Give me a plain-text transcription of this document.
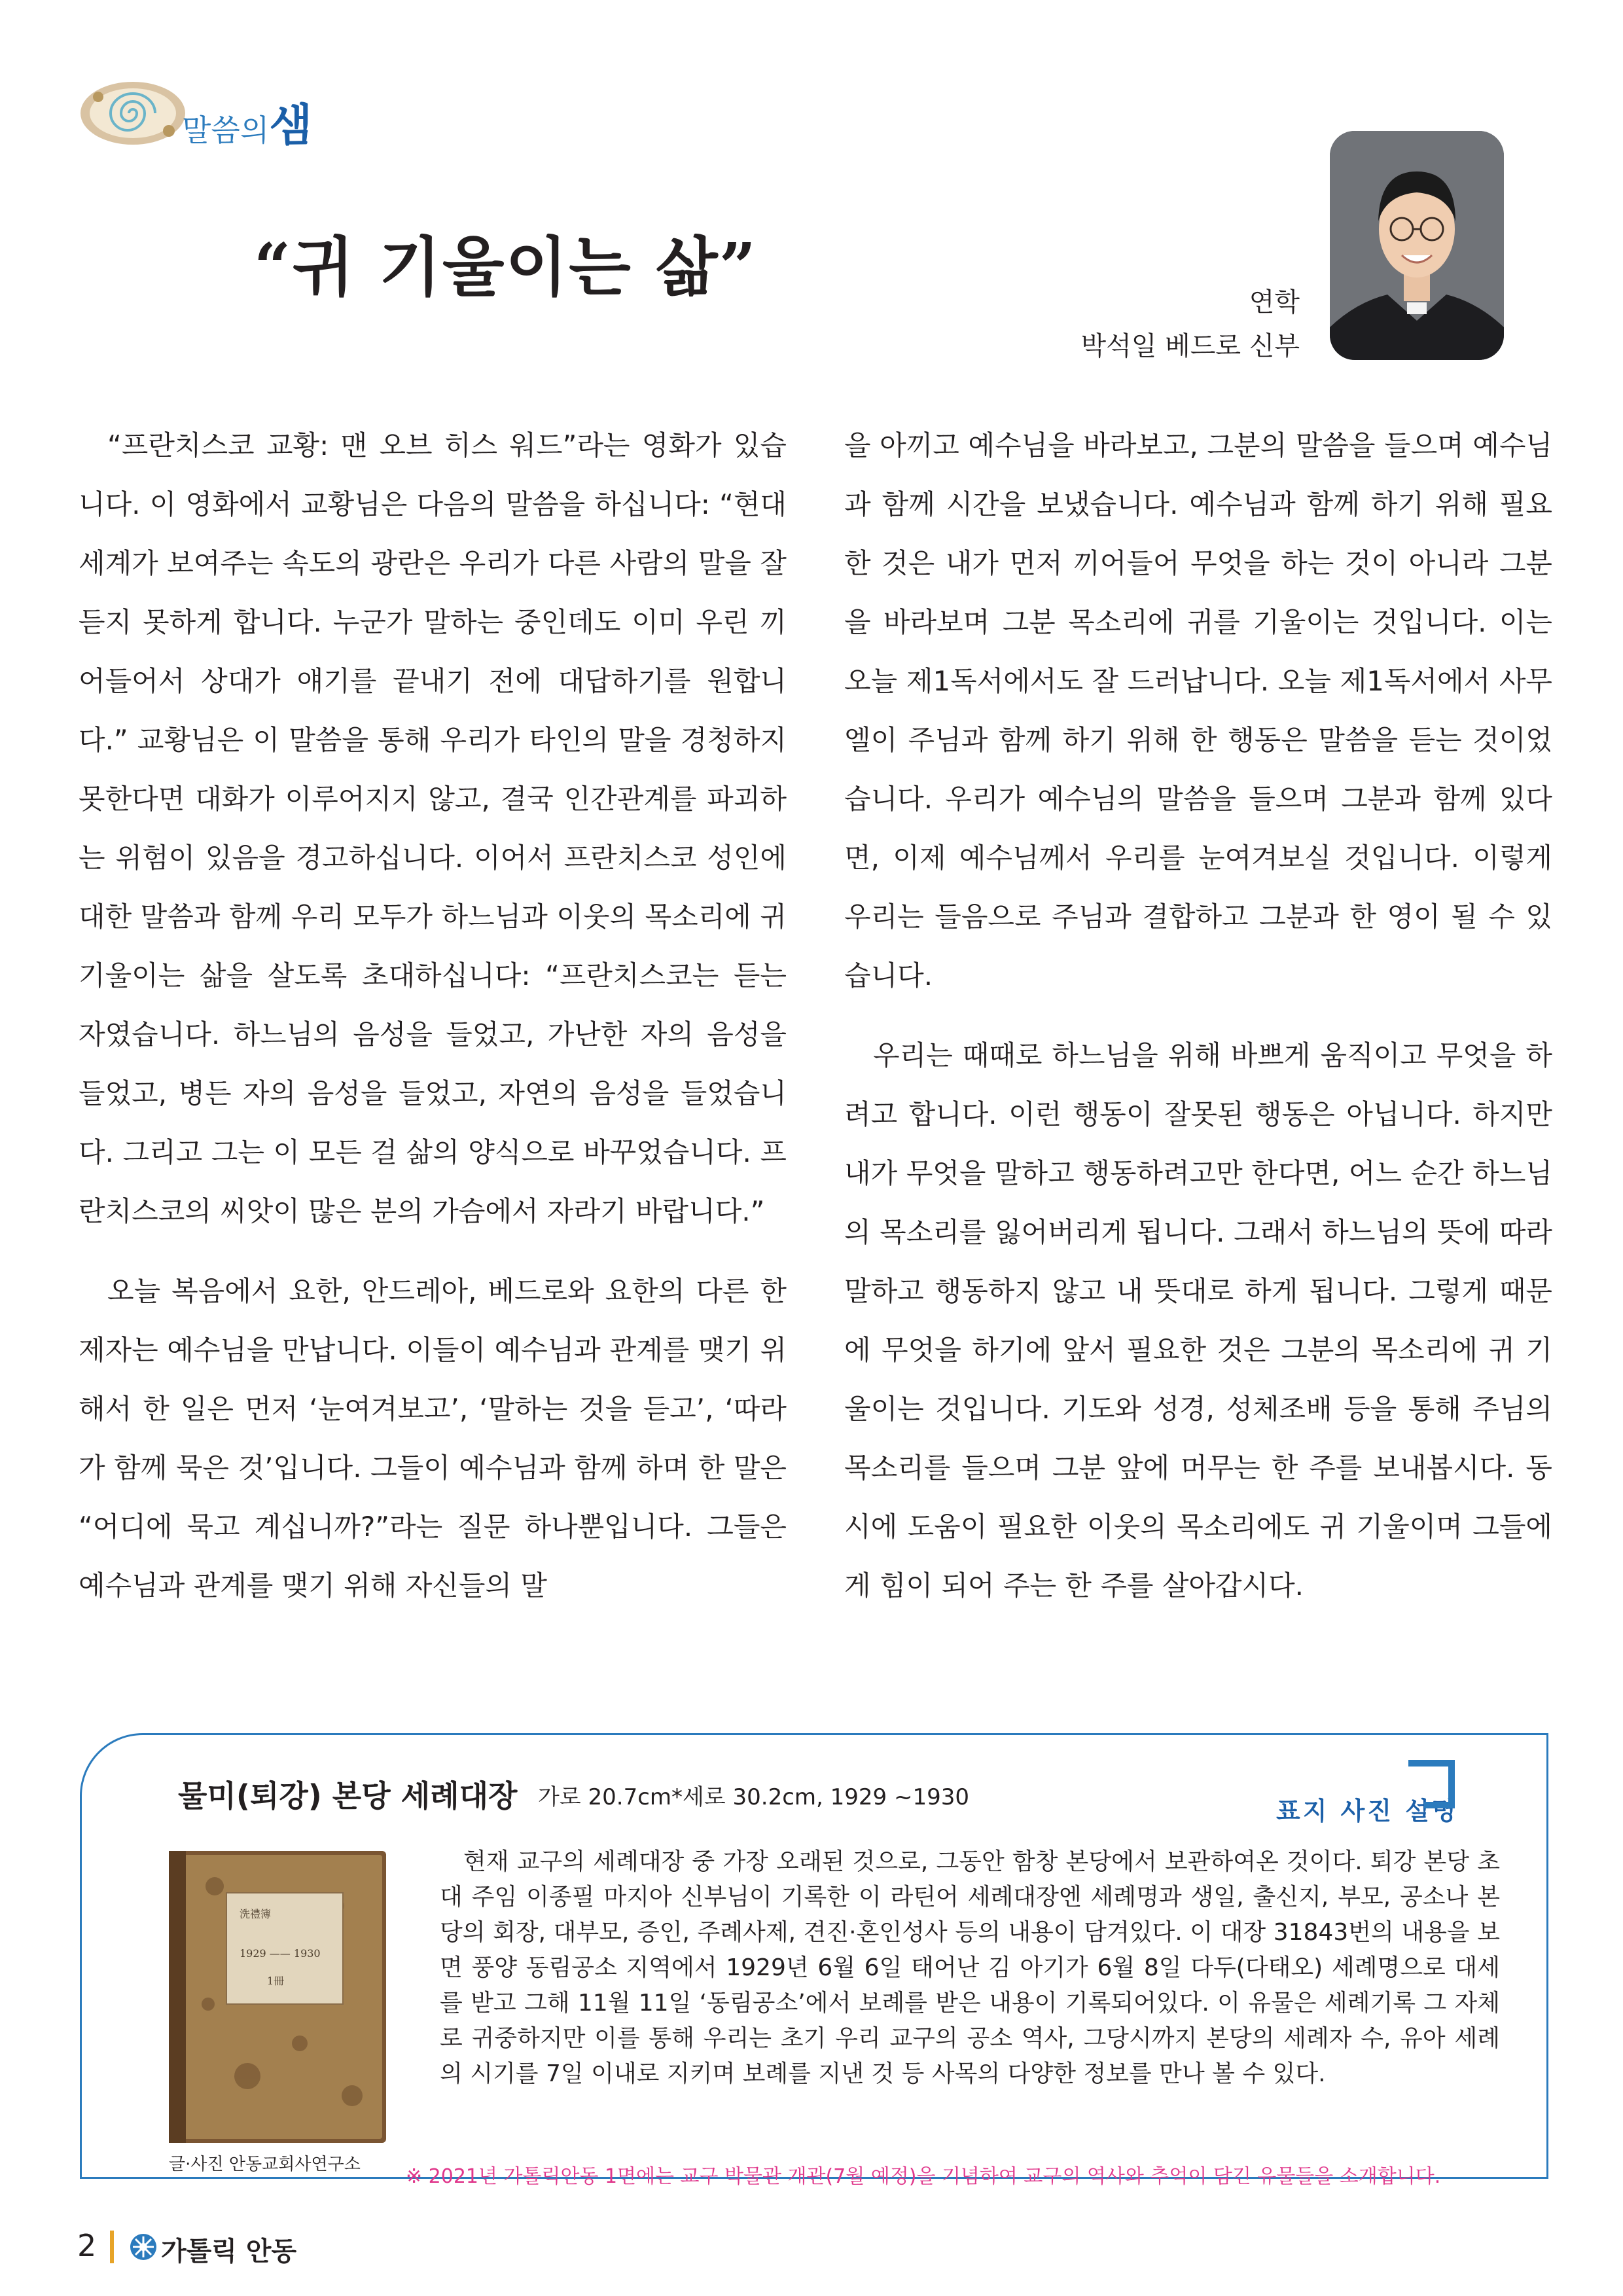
말씀의샘
“귀 기울이는 삶”	연학
박석일 베드로 신부

“프란치스코 교황: 맨 오브 히스 워드”라는 영화가 있습니다. 이 영화에서 교황님은 다음의 말씀을 하십니다: “현대 세계가 보여주는 속도의 광란은 우리가 다른 사람의 말을 잘 듣지 못하게 합니다. 누군가 말하는 중인데도 이미 우린 끼어들어서 상대가 얘기를 끝내기 전에 대답하기를 원합니다.” 교황님은 이 말씀을 통해 우리가 타인의 말을 경청하지 못한다면 대화가 이루어지지 않고, 결국 인간관계를 파괴하는 위험이 있음을 경고하십니다. 이어서 프란치스코 성인에 대한 말씀과 함께 우리 모두가 하느님과 이웃의 목소리에 귀 기울이는 삶을 살도록 초대하십니다: “프란치스코는 듣는 자였습니다. 하느님의 음성을 들었고, 가난한 자의 음성을 들었고, 병든 자의 음성을 들었고, 자연의 음성을 들었습니다. 그리고 그는 이 모든 걸 삶의 양식으로 바꾸었습니다. 프란치스코의 씨앗이 많은 분의 가슴에서 자라기 바랍니다.”

오늘 복음에서 요한, 안드레아, 베드로와 요한의 다른 한 제자는 예수님을 만납니다. 이들이 예수님과 관계를 맺기 위해서 한 일은 먼저 ‘눈여겨보고’, ‘말하는 것을 듣고’, ‘따라가 함께 묵은 것’입니다. 그들이 예수님과 함께 하며 한 말은 “어디에 묵고 계십니까?”라는 질문 하나뿐입니다. 그들은 예수님과 관계를 맺기 위해 자신들의 말

을 아끼고 예수님을 바라보고, 그분의 말씀을 들으며 예수님과 함께 시간을 보냈습니다. 예수님과 함께 하기 위해 필요한 것은 내가 먼저 끼어들어 무엇을 하는 것이 아니라 그분을 바라보며 그분 목소리에 귀를 기울이는 것입니다. 이는 오늘 제1독서에서도 잘 드러납니다. 오늘 제1독서에서 사무엘이 주님과 함께 하기 위해 한 행동은 말씀을 듣는 것이었습니다. 우리가 예수님의 말씀을 들으며 그분과 함께 있다면, 이제 예수님께서 우리를 눈여겨보실 것입니다. 이렇게 우리는 들음으로 주님과 결합하고 그분과 한 영이 될 수 있습니다.

우리는 때때로 하느님을 위해 바쁘게 움직이고 무엇을 하려고 합니다. 이런 행동이 잘못된 행동은 아닙니다. 하지만 내가 무엇을 말하고 행동하려고만 한다면, 어느 순간 하느님의 목소리를 잃어버리게 됩니다. 그래서 하느님의 뜻에 따라 말하고 행동하지 않고 내 뜻대로 하게 됩니다. 그렇게 때문에 무엇을 하기에 앞서 필요한 것은 그분의 목소리에 귀 기울이는 것입니다. 기도와 성경, 성체조배 등을 통해 주님의 목소리를 들으며 그분 앞에 머무는 한 주를 보내봅시다. 동시에 도움이 필요한 이웃의 목소리에도 귀 기울이며 그들에게 힘이 되어 주는 한 주를 살아갑시다.

물미(퇴강) 본당 세례대장 가로 20.7cm*세로 30.2cm, 1929 ~1930	표지 사진 설명
洗禮簿
1929 —— 1930
1冊
현재 교구의 세례대장 중 가장 오래된 것으로, 그동안 함창 본당에서 보관하여온 것이다. 퇴강 본당 초대 주임 이종필 마지아 신부님이 기록한 이 라틴어 세례대장엔 세례명과 생일, 출신지, 부모, 공소나 본당의 회장, 대부모, 증인, 주례사제, 견진·혼인성사 등의 내용이 담겨있다. 이 대장 31843번의 내용을 보면 풍양 동림공소 지역에서 1929년 6월 6일 태어난 김 아기가 6월 8일 다두(다태오) 세례명으로 대세를 받고 그해 11월 11일 ‘동림공소’에서 보례를 받은 내용이 기록되어있다. 이 유물은 세례기록 그 자체로 귀중하지만 이를 통해 우리는 초기 우리 교구의 공소 역사, 그당시까지 본당의 세례자 수, 유아 세례의 시기를 7일 이내로 지키며 보례를 지낸 것 등 사목의 다양한 정보를 만나 볼 수 있다.
글·사진 안동교회사연구소
※ 2021년 가톨릭안동 1면에는 교구 박물관 개관(7월 예정)을 기념하여 교구의 역사와 추억이 담긴 유물들을 소개합니다.
2 가톨릭 안동
